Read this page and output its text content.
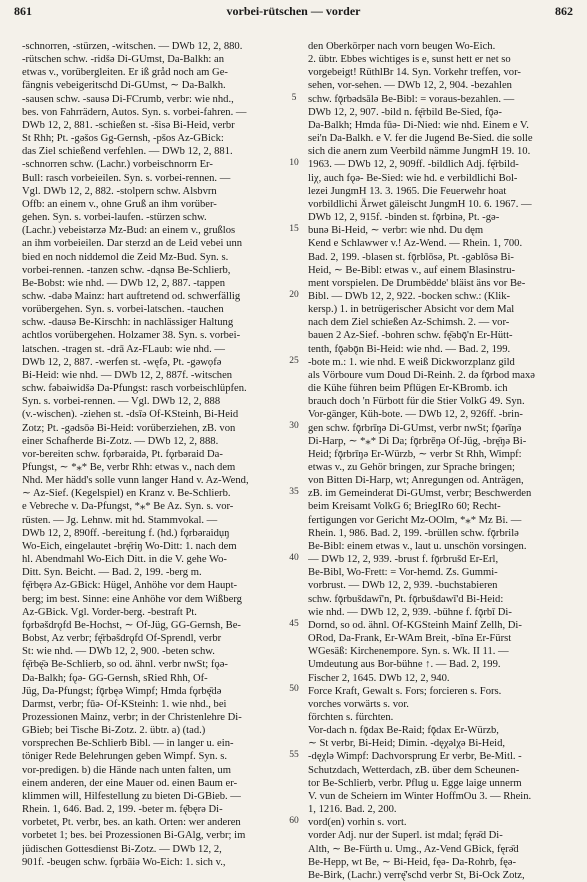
861	vorbei-rütschen — vorder	862
-schnorren, -stürzen, -witschen. — DWb 12, 2, 880.
-rütschen schw. -ridšə Di-GUmst, Da-Balkh: an
etwas v., vorübergleiten. Er iß gråd noch am Ge-
fängnis vebeigeritschd Di-GUmst, ∼ Da-Balkh.
-sausen schw. -sausə Di-FCrumb, verbr: wie nhd.,
bes. von Fahrrädern, Autos. Syn. s. vorbei-fahren. —
DWb 12, 2, 881. -schießen st. -šisə Bi-Heid, verbr
St Rhh; Pt. -gəšos Gg-Gernsh, -pšos Az-GBick:
das Ziel schießend verfehlen. — DWb 12, 2, 881.
-schnorren schw. (Lachr.) vorbeischnorrn Er-
Bull: rasch vorbeieilen. Syn. s. vorbei-rennen. —
Vgl. DWb 12, 2, 882. -stolpern schw. Alsbvrn
Offb: an einem v., ohne Gruß an ihm vorüber-
gehen. Syn. s. vorbei-laufen. -stürzen schw.
(Lachr.) vebeistərzə Mz-Bud: an einem v., grußlos
an ihm vorbeieilen. Dar sterzd an de Leid vebei unn
bied en noch niddemol die Zeid Mz-Bud. Syn. s.
vorbei-rennen. -tanzen schw. -dąnsə Be-Schlierb,
Be-Bobst: wie nhd. — DWb 12, 2, 887. -tappen
schw. -dabə Mainz: hart auftretend od. schwerfällig
vorübergehen. Syn. s. vorbei-latschen. -tauchen
schw. -dausə Be-Kirschh: in nachlässiger Haltung
achtlos vorübergehen. Holzamer 38. Syn. s. vorbei-
latschen. -tragen st. -drā Az-FLaub: wie nhd. —
DWb 12, 2, 887. -werfen st. -węfə, Pt. -gəwọfə
Bi-Heid: wie nhd. — DWb 12, 2, 887f. -witschen
schw. fəbəiwidšə Da-Pfungst: rasch vorbeischlüpfen.
Syn. s. vorbei-rennen. — Vgl. DWb 12, 2, 888
(v.-wischen). -ziehen st. -dsīə Of-KSteinh, Bi-Heid
Zotz; Pt. -gədsōə Bi-Heid: vorüberziehen, zB. von
einer Schafherde Bi-Zotz. — DWb 12, 2, 888.
vor-bereiten schw. fǫrbəraidə, Pt. fǫrbəraid Da-
Pfungst, ∼ *⁎* Be, verbr Rhh: etwas v., nach dem
Nhd. Mer hädd's solle vunn langer Hand v. Az-Wend,
∼ Az-Sief. (Kegelspiel) en Kranz v. Be-Schlierb.
e Vebreche v. Da-Pfungst, *⁎* Be Az. Syn. s. vor-
rüsten. — Jg. Lehnw. mit hd. Stammvokal. —
DWb 12, 2, 890ff. -bereitung f. (hd.) fǫrbəraidụŋ
Wo-Eich, eingelautet -brę̄riŋ Wo-Ditt: 1. nach dem
hl. Abendmahl Wo-Eich Ditt. in die V. gehe Wo-
Ditt. Syn. Beicht. — Bad. 2, 199. -berg m.
fę̄rbęrǝ Az-GBick: Hügel, Anhöhe vor dem Haupt-
berg; im best. Sinne: eine Anhöhe vor dem Wißberg
Az-GBick. Vgl. Vorder-berg. -bestraft Pt.
fǫrbəšdrǫfd Be-Hochst, ∼ Of-Jüg, GG-Gernsh, Be-
Bobst, Az verbr; fę̄rbəšdrǫfd Of-Sprendl, verbr
St: wie nhd. — DWb 12, 2, 900. -beten schw.
fę̄rbę̄ǝ Be-Schlierb, so od. ähnl. verbr nwSt; fǫə-
Da-Balkh; fǫə- GG-Gernsh, sRied Rhh, Of-
Jüg, Da-Pfungst; fǭrbęǝ Wimpf; Hmda fǫrbę̄də
Darmst, verbr; fūə- Of-KSteinh: 1. wie nhd., bei
Prozessionen Mainz, verbr; in der Christenlehre Di-
GBieb; bei Tische Bi-Zotz. 2. übtr. a) (tad.)
vorsprechen Be-Schlierb Bibl. — in langer u. ein-
töniger Rede Belehrungen geben Wimpf. Syn. s.
vor-predigen. b) die Hände nach unten falten, um
einem anderen, der eine Mauer od. einen Baum er-
klimmen will, Hilfestellung zu bieten Di-GBieb. —
Rhein. 1, 646. Bad. 2, 199. -beter m. fę̄bęrə Di-
vorbetet, Pt. verbr, bes. an kath. Orten: wer anderen
vorbetet 1; bes. bei Prozessionen Bi-GAlg, verbr; im
jüdischen Gottesdienst Bi-Zotz. — DWb 12, 2,
901f. -beugen schw. fǫrbāiə Wo-Eich: 1. sich v.,
5
10
15
20
25
30
35
40
45
50
55
60
den Oberkörper nach vorn beugen Wo-Eich.
2. übtr. Ebbes wichtiges is e, sunst hett er net so
vorgebeigt! RüthlBr 14. Syn. Vorkehr treffen, vor-
sehen, vor-sehen. — DWb 12, 2, 904. -bezahlen
schw. fǭrbədsālə Be-Bibl: = voraus-bezahlen. —
DWb 12, 2, 907. -bild n. fę̄rbild Be-Sied, fǭə-
Da-Balkh; Hmda fūə- Di-Nied: wie nhd. Einem e V.
sei'n Da-Balkh. e V. fer die Jugend Be-Sied. die solle
sich die anern zum Veerbild nämme JungmH 19. 10.
1963. — DWb 12, 2, 909ff. -bildlich Adj. fę̄rbild-
liχ, auch fǫə- Be-Sied: wie hd. e verbildlichi Bol-
lezei JungmH 13. 3. 1965. Die Feuerwehr hoat
vorbildlichi Ärwet gäleischt JungmH 10. 6. 1967. —
DWb 12, 2, 915f. -binden st. fǭrbinə, Pt. -gə-
bunə Bi-Heid, ∼ verbr: wie nhd. Du dęm
Kend e Schlawwer v.! Az-Wend. — Rhein. 1, 700.
Bad. 2, 199. -blasen st. fǭrblōsə, Pt. -gəblōsə Bi-
Heid, ∼ Be-Bibl: etwas v., auf einem Blasinstru-
ment vorspielen. De Drumbëdde' bläist äns vor Be-
Bibl. — DWb 12, 2, 922. -bocken schw.: (Klik-
kersp.) 1. in betrügerischer Absicht vor dem Mal
nach dem Ziel schießen Az-Schimsh. 2. — vor-
bauen 2 Az-Sief. -bohren schw. fę̄əbǭ'n Er-Hütt-
tenth, fǭəbǭn Bi-Heid: wie nhd. — Bad. 2, 199.
-bote m.: 1. wie nhd. E weiß Dickworzplanz gild
als Vörboure vum Doud Di-Reinh. 2. də fǭrbod maxə
die Kühe führen beim Pflügen Er-KBromb. ich
brauch doch 'n Fürbott für die Stier VolkG 49. Syn.
Vor-gänger, Küh-bote. — DWb 12, 2, 926ff. -brin-
gen schw. fǭrbrīŋə Di-GUmst, verbr nwSt; fǭərīŋə
Di-Harp, ∼ *⁎* Di Da; fǭrbrēŋə Of-Jüg, -brę̄ŋə Bi-
Heid; fǭrbrīŋə Er-Würzb, ∼ verbr St Rhh, Wimpf:
etwas v., zu Gehör bringen, zur Sprache bringen;
von Bitten Di-Harp, wt; Anregungen od. Anträgen,
zB. im Gemeinderat Di-GUmst, verbr; Beschwerden
beim Kreisamt VolkG 6; BriegIRo 60; Recht-
fertigungen vor Gericht Mz-OOlm, *⁎* Mz Bi. —
Rhein. 1, 986. Bad. 2, 199. -brüllen schw. fǭrbrilə
Be-Bibl: einem etwas v., laut u. unschön vorsingen.
— DWb 12, 2, 939. -brust f. fǭrbrušd Er-Erl,
Be-Bibl, Wo-Frett: = Vor-hemd. Zs. Gummi-
vorbrust. — DWb 12, 2, 939. -buchstabieren
schw. fǭrbušdawī'n, Pt. fǭrbušdawī'd Bi-Heid:
wie nhd. — DWb 12, 2, 939. -bühne f. fǭrbī Di-
Dornd, so od. ähnl. Of-KGSteinh Mainf Zellh, Di-
ORod, Da-Frank, Er-WAm Breit, -bīnə Er-Fürst
WGesäß: Kirchenempore. Syn. s. Wk. II 11. —
Umdeutung aus Bor-bühne ↑. — Bad. 2, 199.
Fischer 2, 1645. DWb 12, 2, 940.
Force Kraft, Gewalt s. Fors; forcieren s. Fors.
vorches vorwärts s. vor.
förchten s. fürchten.
Vor-dach n. fǭdax Be-Raid; fǭdax Er-Würzb,
∼ St verbr, Bi-Heid; Dimin. -dęχəlχə Bi-Heid,
-dęχlə Wimpf: Dachvorsprung Er verbr, Be-Mitl. -
Schutzdach, Wetterdach, zB. über dem Scheunen-
tor Be-Schlierb, verbr. Pflug u. Egge laige unnerm
V. vun de Scheiern im Winter HoffmOu 3. — Rhein.
1, 1216. Bad. 2, 200.
vord(en) vorhin s. vort.
vorder Adj. nur der Superl. ist mdal; fęrə̄d Di-
Alth, ∼ Be-Fürth u. Umg., Az-Vend GBick, fęrə̄d
Be-Hepp, wt Be, ∼ Bi-Heid, fęə- Da-Rohrb, fęə-
Be-Birk, (Lachr.) verrę̄'schd verbr St, Bi-Ock Zotz,
